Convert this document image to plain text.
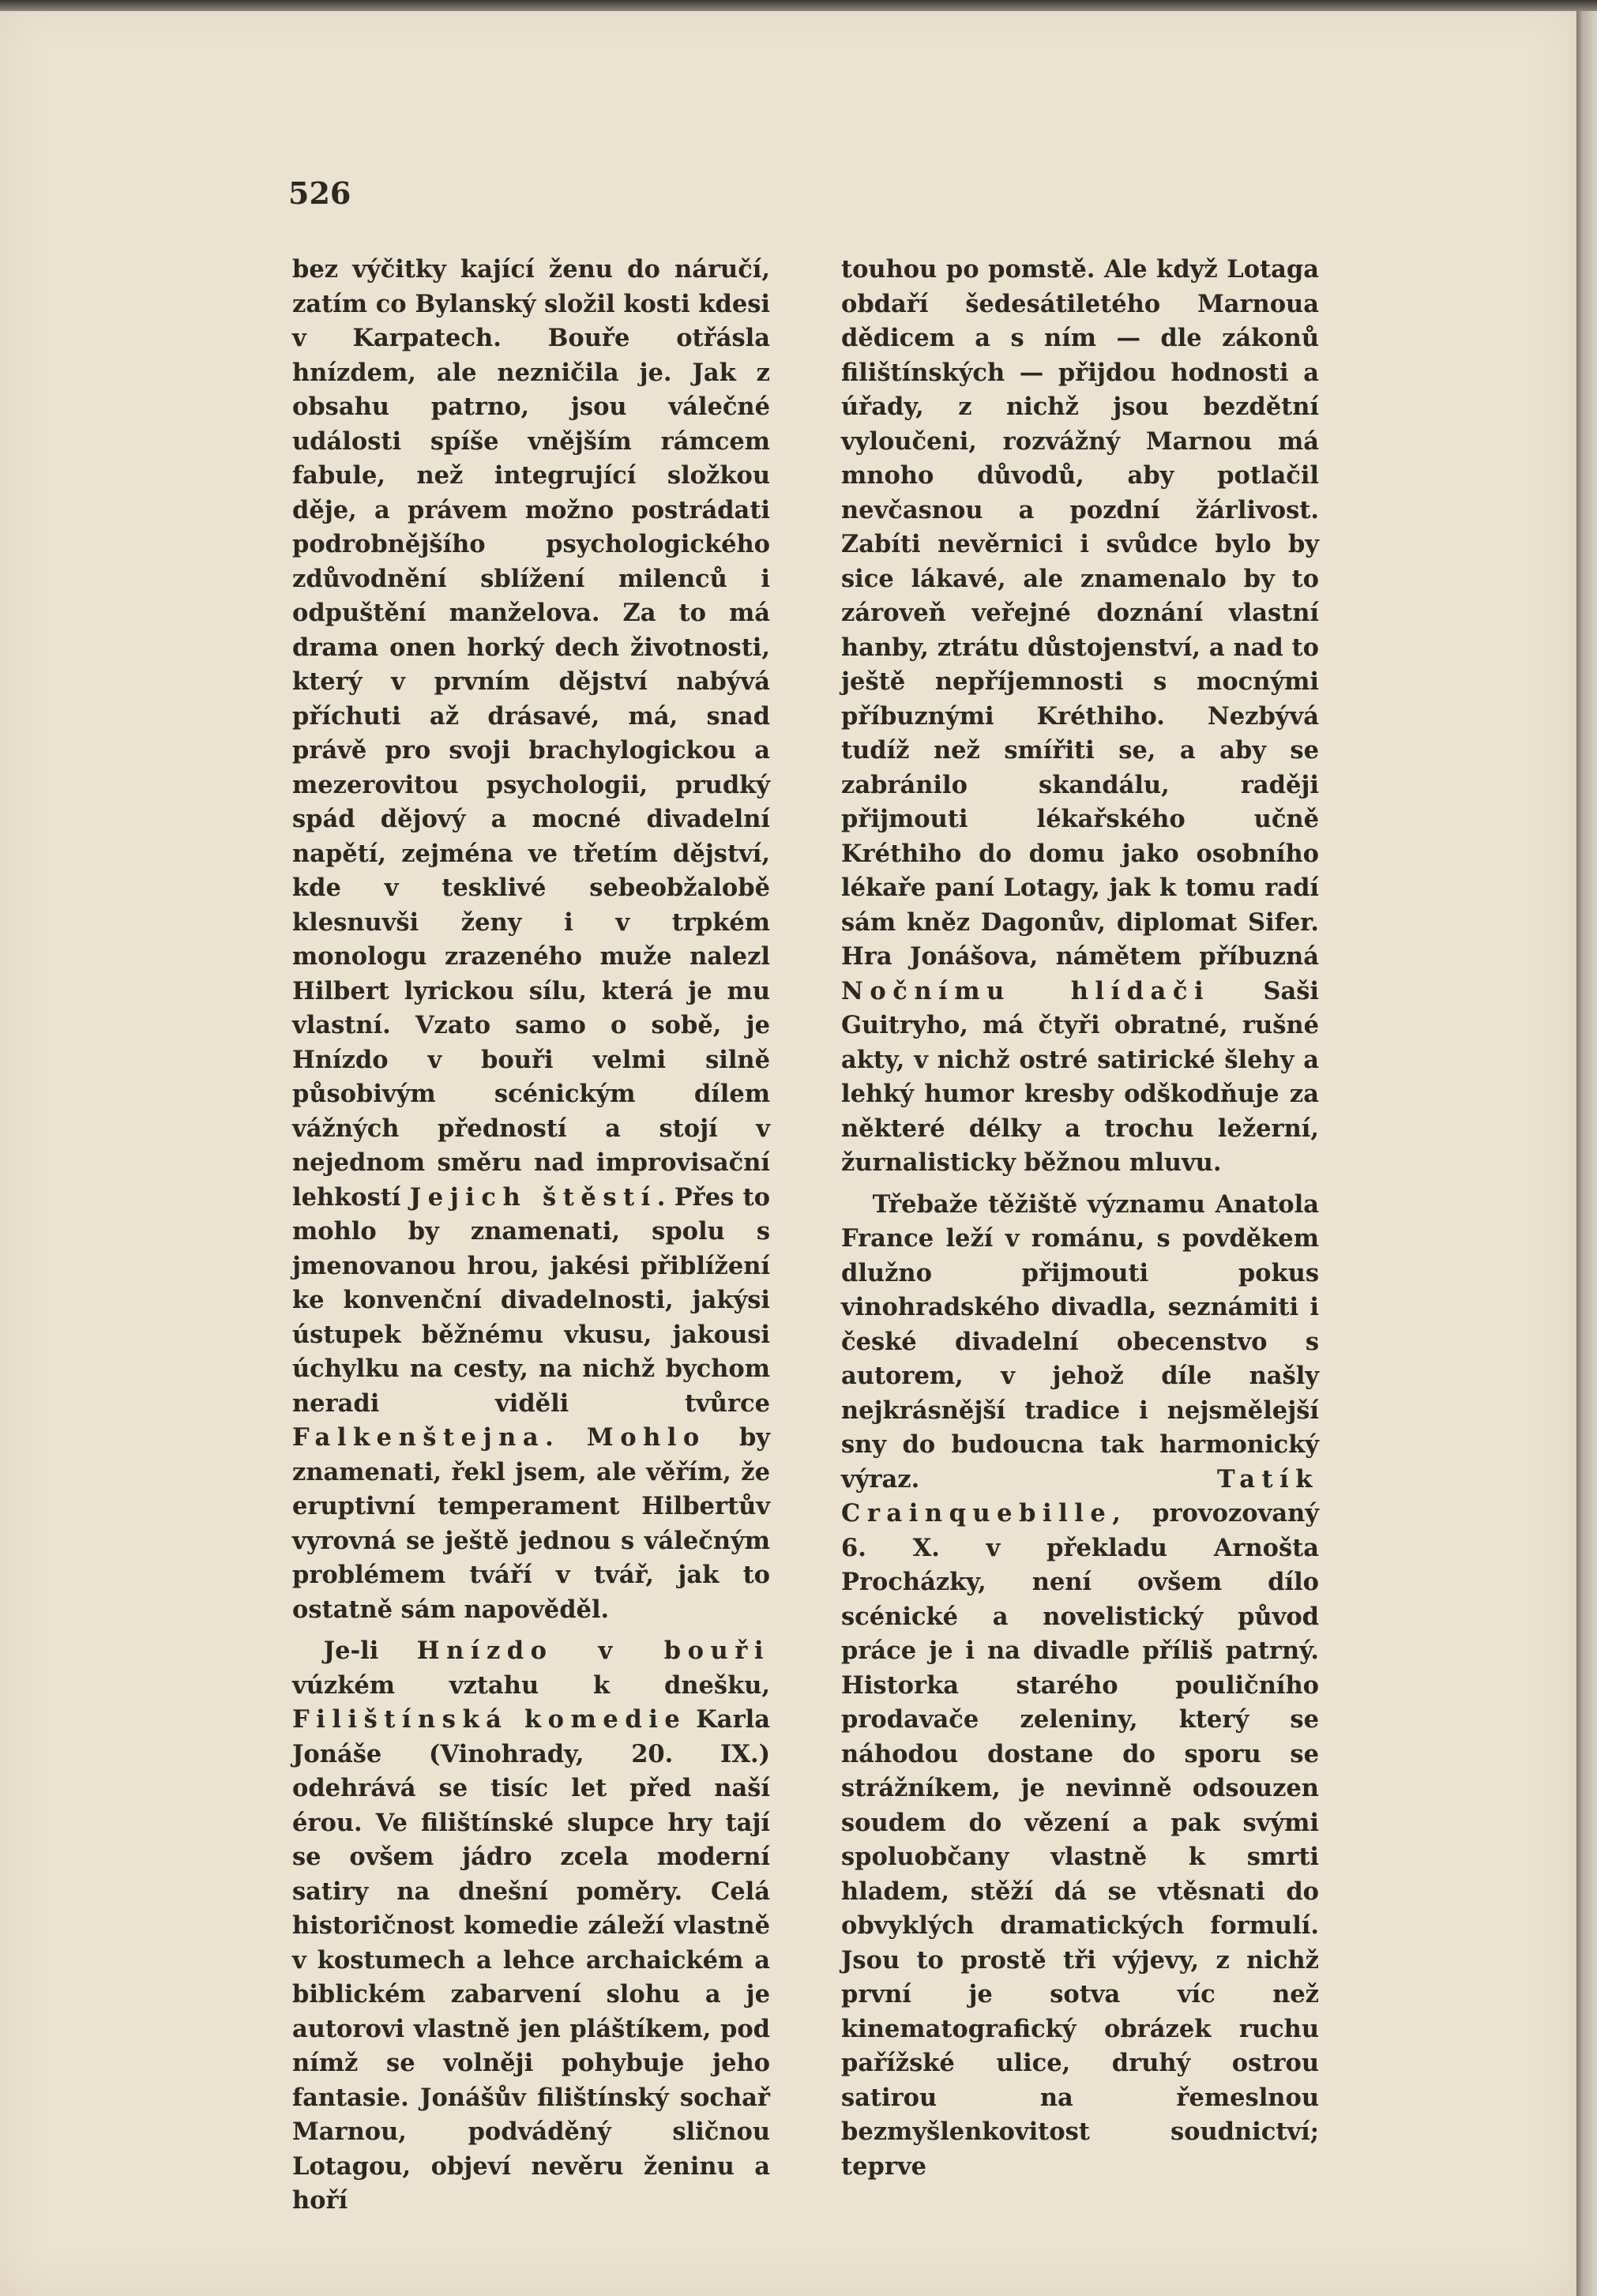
526

bez výčitky kající ženu do náručí, zatím co Bylanský složil kosti kdesi v Karpatech. Bouře otřásla hnízdem, ale nezničila je. Jak z obsahu patrno, jsou válečné události spíše vnějším rámcem fabule, než integrující složkou děje, a právem možno postrádati podrobnějšího psychologického zdůvodnění sblížení milenců i odpuštění manželova. Za to má drama onen horký dech životnosti, který v prvním dějství nabývá příchuti až drásavé, má, snad právě pro svoji brachylogickou a mezerovitou psychologii, prudký spád dějový a mocné divadelní napětí, zejména ve třetím dějství, kde v tesklivé sebeobžalobě klesnuvši ženy i v trpkém monologu zrazeného muže nalezl Hilbert lyrickou sílu, která je mu vlastní. Vzato samo o sobě, je Hnízdo v bouři velmi silně působivým scénickým dílem vážných předností a stojí v nejednom směru nad improvisační lehkostí Jejich štěstí. Přes to mohlo by znamenati, spolu s jmenovanou hrou, jakési přiblížení ke konvenční divadelnosti, jakýsi ústupek běžnému vkusu, jakousi úchylku na cesty, na nichž bychom neradi viděli tvůrce Falkenštejna. Mohlo by znamenati, řekl jsem, ale věřím, že eruptivní temperament Hilbertův vyrovná se ještě jednou s válečným problémem tváří v tvář, jak to ostatně sám napověděl.

Je-li Hnízdo v bouři vúzkém vztahu k dnešku, Filištínská komedie Karla Jonáše (Vinohrady, 20. IX.) odehrává se tisíc let před naší érou. Ve filištínské slupce hry tají se ovšem jádro zcela moderní satiry na dnešní poměry. Celá historičnost komedie záleží vlastně v kostumech a lehce archaickém a biblickém zabarvení slohu a je autorovi vlastně jen pláštíkem, pod nímž se volněji pohybuje jeho fantasie. Jonášův filištínský sochař Marnou, podváděný sličnou Lotagou, objeví nevěru ženinu a hoří

touhou po pomstě. Ale když Lotaga obdaří šedesátiletého Marnoua dědicem a s ním — dle zákonů filištínských — přijdou hodnosti a úřady, z nichž jsou bezdětní vyloučeni, rozvážný Marnou má mnoho důvodů, aby potlačil nevčasnou a pozdní žárlivost. Zabíti nevěrnici i svůdce bylo by sice lákavé, ale znamenalo by to zároveň veřejné doznání vlastní hanby, ztrátu důstojenství, a nad to ještě nepříjemnosti s mocnými příbuznými Kréthiho. Nezbývá tudíž než smířiti se, a aby se zabránilo skandálu, raději přijmouti lékařského učně Kréthiho do domu jako osobního lékaře paní Lotagy, jak k tomu radí sám kněz Dagonův, diplomat Sifer. Hra Jonášova, námětem příbuzná Nočnímu hlídači Saši Guitryho, má čtyři obratné, rušné akty, v nichž ostré satirické šlehy a lehký humor kresby odškodňuje za některé délky a trochu ležerní, žurnalisticky běžnou mluvu.

Třebaže těžiště významu Anatola France leží v románu, s povděkem dlužno přijmouti pokus vinohradského divadla, seznámiti i české divadelní obecenstvo s autorem, v jehož díle našly nejkrásnější tradice i nejsmělejší sny do budoucna tak harmonický výraz. Tatík Crainquebille, provozovaný 6. X. v překladu Arnošta Procházky, není ovšem dílo scénické a novelistický původ práce je i na divadle příliš patrný. Historka starého pouličního prodavače zeleniny, který se náhodou dostane do sporu se strážníkem, je nevinně odsouzen soudem do vězení a pak svými spoluobčany vlastně k smrti hladem, stěží dá se vtěsnati do obvyklých dramatických formulí. Jsou to prostě tři výjevy, z nichž první je sotva víc než kinematografický obrázek ruchu pařížské ulice, druhý ostrou satirou na řemeslnou bezmyšlenkovitost soudnictví; teprve
